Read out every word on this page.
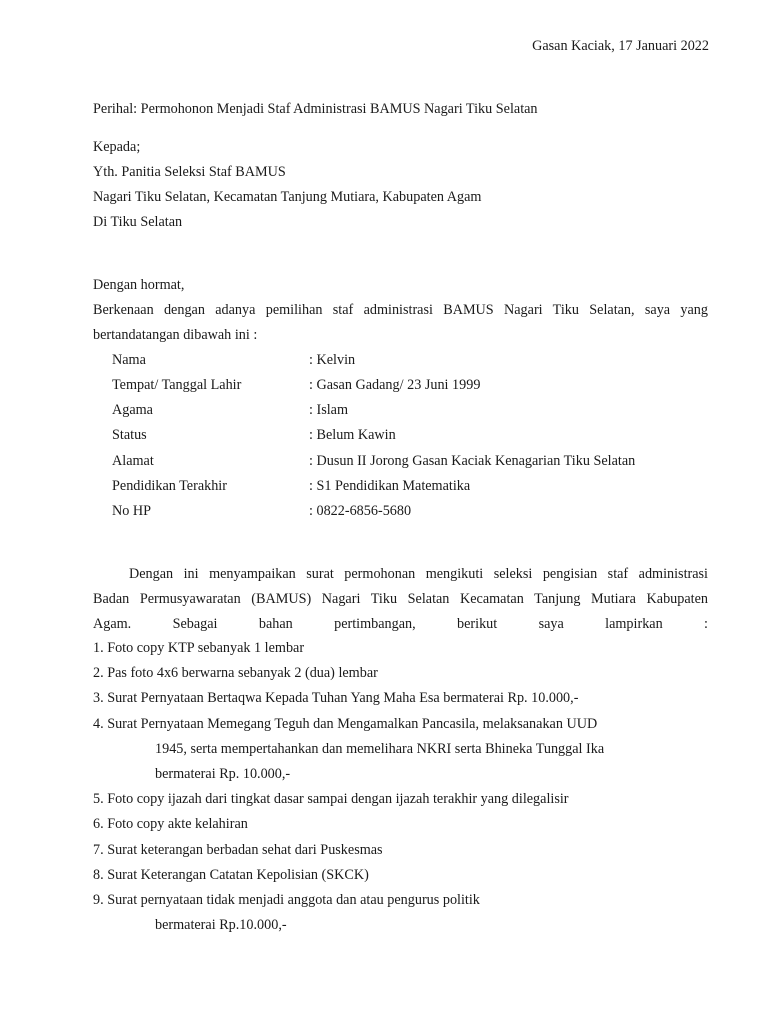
Gasan Kaciak, 17 Januari 2022
Perihal: Permohonon Menjadi Staf Administrasi BAMUS Nagari Tiku Selatan
Kepada;
Yth. Panitia Seleksi Staf BAMUS
Nagari Tiku Selatan, Kecamatan Tanjung Mutiara, Kabupaten Agam
Di Tiku Selatan
Dengan hormat,
Berkenaan dengan adanya pemilihan staf administrasi BAMUS Nagari Tiku Selatan, saya yang
bertandatangan dibawah ini :
Nama	: Kelvin
Tempat/ Tanggal Lahir	: Gasan Gadang/ 23 Juni 1999
Agama	: Islam
Status	: Belum Kawin
Alamat	: Dusun II Jorong Gasan Kaciak Kenagarian Tiku Selatan
Pendidikan Terakhir	: S1 Pendidikan Matematika
No HP	: 0822-6856-5680
Dengan ini menyampaikan surat permohonan mengikuti seleksi pengisian staf administrasi
Badan Permusyawaratan (BAMUS) Nagari Tiku Selatan Kecamatan Tanjung Mutiara Kabupaten
Agam. Sebagai bahan pertimbangan, berikut saya lampirkan :
1. Foto copy KTP sebanyak 1 lembar
2. Pas foto 4x6 berwarna sebanyak 2 (dua) lembar
3. Surat Pernyataan Bertaqwa Kepada Tuhan Yang Maha Esa bermaterai Rp. 10.000,-
4. Surat Pernyataan Memegang Teguh dan Mengamalkan Pancasila, melaksanakan UUD
1945, serta mempertahankan dan memelihara NKRI serta Bhineka Tunggal Ika
bermaterai Rp. 10.000,-
5. Foto copy ijazah dari tingkat dasar sampai dengan ijazah terakhir yang dilegalisir
6. Foto copy akte kelahiran
7. Surat keterangan berbadan sehat dari Puskesmas
8. Surat Keterangan Catatan Kepolisian (SKCK)
9. Surat pernyataan tidak menjadi anggota dan atau pengurus politik
bermaterai Rp.10.000,-
